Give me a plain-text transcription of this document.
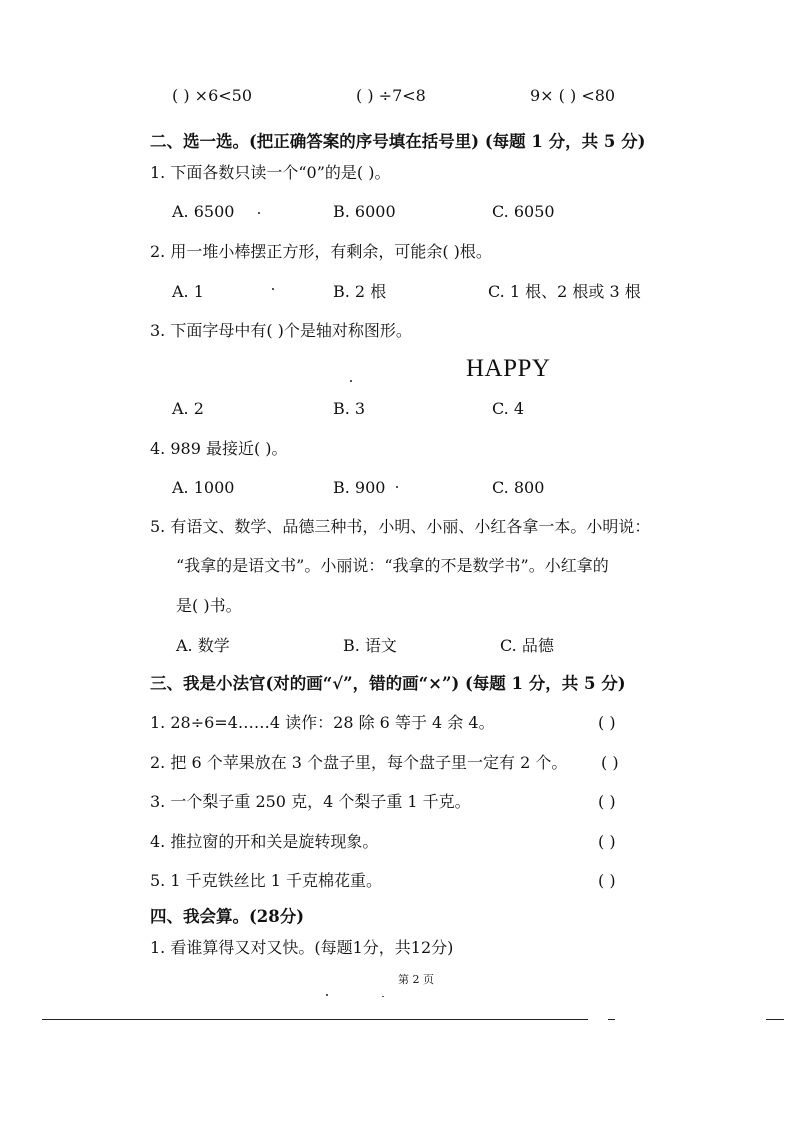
( ) ×6<50	( ) ÷7<8	9× ( ) <80
二、选一选。(把正确答案的序号填在括号里) (每题 1 分，共 5 分)
1. 下面各数只读一个“0”的是( )。
A. 6500	B. 6000	C. 6050
2. 用一堆小棒摆正方形，有剩余，可能余( )根。
A. 1	B. 2 根	C. 1 根、2 根或 3 根
3. 下面字母中有( )个是轴对称图形。
HAPPY
A. 2	B. 3	C. 4
4. 989 最接近( )。
A. 1000	B. 900	C. 800
5. 有语文、数学、品德三种书，小明、小丽、小红各拿一本。小明说：
“我拿的是语文书”。小丽说：“我拿的不是数学书”。小红拿的
是( )书。
A. 数学	B. 语文	C. 品德
三、我是小法官(对的画“√”，错的画“×”) (每题 1 分，共 5 分)
1. 28÷6=4……4 读作：28 除 6 等于 4 余 4。	( )
2. 把 6 个苹果放在 3 个盘子里，每个盘子里一定有 2 个。 ( )
3. 一个梨子重 250 克，4 个梨子重 1 千克。	( )
4. 推拉窗的开和关是旋转现象。	( )
5. 1 千克铁丝比 1 千克棉花重。	( )
四、我会算。(28分)
1. 看谁算得又对又快。(每题1分，共12分)
第 2 页
